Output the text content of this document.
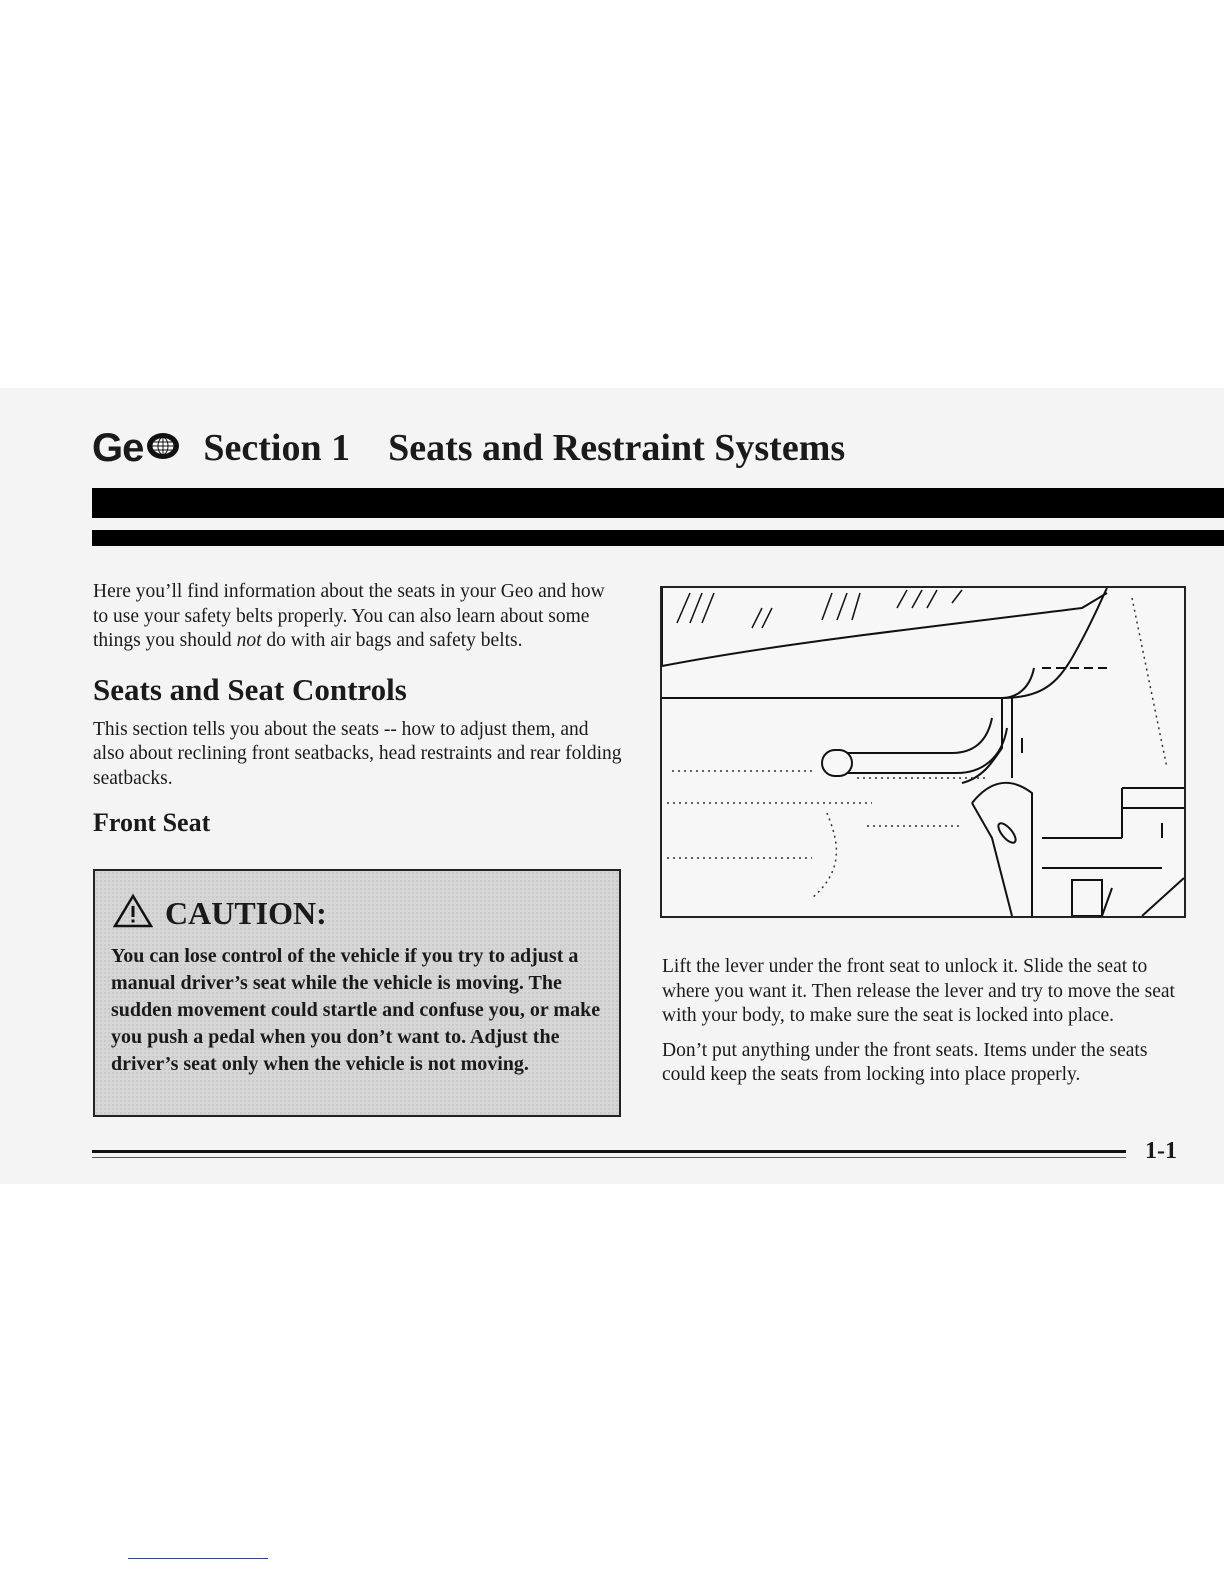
Ge Section 1 Seats and Restraint Systems

Here you’ll find information about the seats in your Geo and how to use your safety belts properly. You can also learn about some things you should not do with air bags and safety belts.

Seats and Seat Controls

This section tells you about the seats -- how to adjust them, and also about reclining front seatbacks, head restraints and rear folding seatbacks.

Front Seat
CAUTION:

You can lose control of the vehicle if you try to adjust a manual driver’s seat while the vehicle is moving. The sudden movement could startle and confuse you, or make you push a pedal when you don’t want to. Adjust the driver’s seat only when the vehicle is not moving.

Lift the lever under the front seat to unlock it. Slide the seat to where you want it. Then release the lever and try to move the seat with your body, to make sure the seat is locked into place.

Don’t put anything under the front seats. Items under the seats could keep the seats from locking into place properly.

1-1
